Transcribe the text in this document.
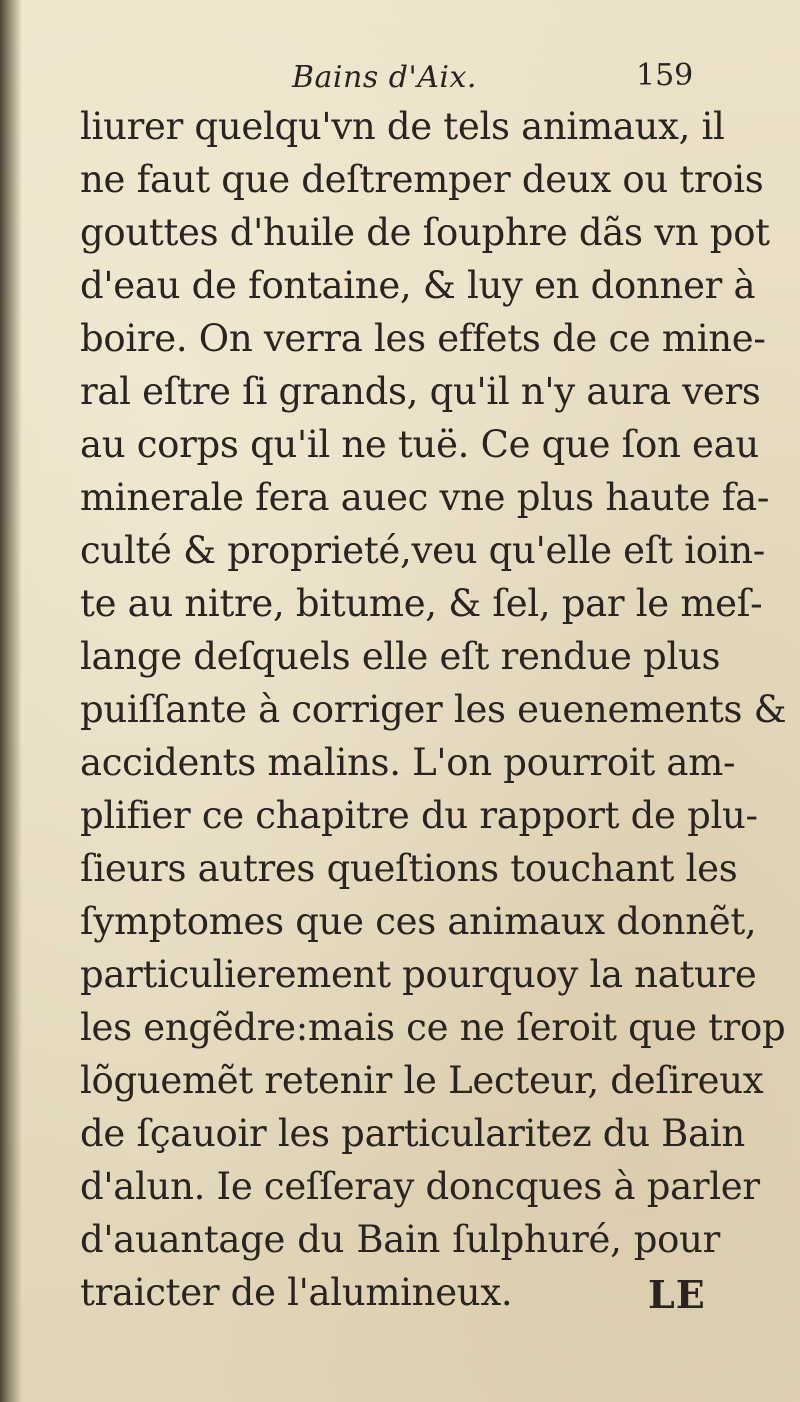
Bains d'Aix.	159
liurer quelqu'vn de tels animaux, il
ne faut que deſtremper deux ou trois
gouttes d'huile de ſouphre dãs vn pot
d'eau de fontaine, & luy en donner à
boire. On verra les effets de ce mine-
ral eſtre ſi grands, qu'il n'y aura vers
au corps qu'il ne tuë. Ce que ſon eau
minerale fera auec vne plus haute fa-
culté & proprieté,veu qu'elle eſt ioin-
te au nitre, bitume, & ſel, par le meſ-
lange deſquels elle eſt rendue plus
puiſſante à corriger les euenements &
accidents malins. L'on pourroit am-
plifier ce chapitre du rapport de plu-
ſieurs autres queſtions touchant les
ſymptomes que ces animaux donnẽt,
particulierement pourquoy la nature
les engẽdre:mais ce ne ſeroit que trop
lõguemẽt retenir le Lecteur, deſireux
de ſçauoir les particularitez du Bain
d'alun. Ie ceſſeray doncques à parler
d'auantage du Bain ſulphuré, pour
traicter de l'alumineux.	LE
